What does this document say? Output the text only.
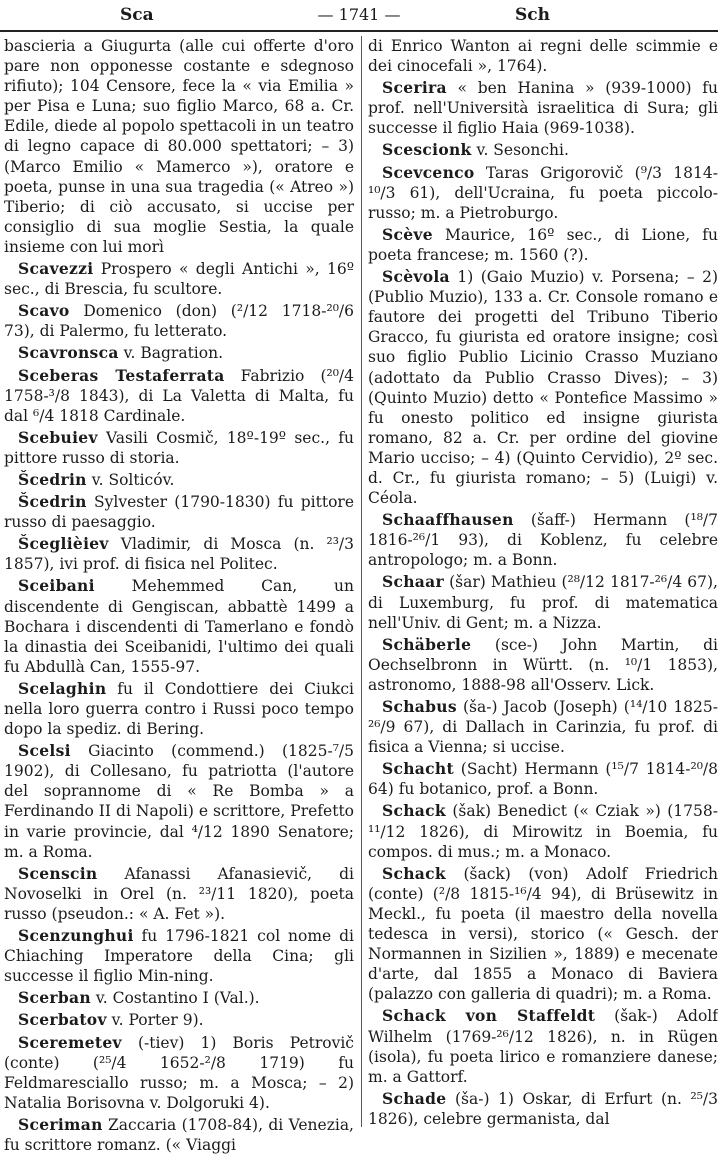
— 1741 —
Sca	Sch

bascieria a Giugurta (alle cui offerte d'oro pare non opponesse costante e sdegnoso rifiuto); 104 Censore, fece la « via Emilia » per Pisa e Luna; suo figlio Marco, 68 a. Cr. Edile, diede al popolo spettacoli in un teatro di legno capace di 80.000 spettatori; – 3) (Marco Emilio « Mamerco »), oratore e poeta, punse in una sua tragedia (« Atreo ») Tiberio; di ciò accusato, si uccise per consiglio di sua moglie Sestia, la quale insieme con lui morì

Scavezzi Prospero « degli Antichi », 16º sec., di Brescia, fu scultore.

Scavo Domenico (don) (²/12 1718-²⁰/6 73), di Palermo, fu letterato.

Scavronsca v. Bagration.

Sceberas Testaferrata Fabrizio (²⁰/4 1758-³/8 1843), di La Valetta di Malta, fu dal ⁶/4 1818 Cardinale.

Scebuiev Vasili Cosmič, 18º-19º sec., fu pittore russo di storia.

Šcedrin v. Solticóv.

Šcedrin Sylvester (1790-1830) fu pittore russo di paesaggio.

Šceglièiev Vladimir, di Mosca (n. ²³/3 1857), ivi prof. di fisica nel Politec.

Sceibani Mehemmed Can, un discendente di Gengiscan, abbattè 1499 a Bochara i discendenti di Tamerlano e fondò la dinastia dei Sceibanidi, l'ultimo dei quali fu Abdullà Can, 1555-97.

Scelaghin fu il Condottiere dei Ciukci nella loro guerra contro i Russi poco tempo dopo la spediz. di Bering.

Scelsi Giacinto (commend.) (1825-⁷/5 1902), di Collesano, fu patriotta (l'autore del soprannome di « Re Bomba » a Ferdinando II di Napoli) e scrittore, Prefetto in varie provincie, dal ⁴/12 1890 Senatore; m. a Roma.

Scenscin Afanassi Afanasievič, di Novoselki in Orel (n. ²³/11 1820), poeta russo (pseudon.: « A. Fet »).

Scenzunghui fu 1796-1821 col nome di Chiaching Imperatore della Cina; gli successe il figlio Min-ning.

Scerban v. Costantino I (Val.).

Scerbatov v. Porter 9).

Sceremetev (-tiev) 1) Boris Petrovič (conte) (²⁵/4 1652-²/8 1719) fu Feldmaresciallo russo; m. a Mosca; – 2) Natalia Borisovna v. Dolgoruki 4).

Sceriman Zaccaria (1708-84), di Venezia, fu scrittore romanz. (« Viaggi

di Enrico Wanton ai regni delle scimmie e dei cinocefali », 1764).

Scerira « ben Hanina » (939-1000) fu prof. nell'Università israelitica di Sura; gli successe il figlio Haia (969-1038).

Scescionk v. Sesonchi.

Scevcenco Taras Grigorovič (⁹/3 1814-¹⁰/3 61), dell'Ucraina, fu poeta piccolo-russo; m. a Pietroburgo.

Scève Maurice, 16º sec., di Lione, fu poeta francese; m. 1560 (?).

Scèvola 1) (Gaio Muzio) v. Porsena; – 2) (Publio Muzio), 133 a. Cr. Console romano e fautore dei progetti del Tribuno Tiberio Gracco, fu giurista ed oratore insigne; così suo figlio Publio Licinio Crasso Muziano (adottato da Publio Crasso Dives); – 3) (Quinto Muzio) detto « Pontefice Massimo » fu onesto politico ed insigne giurista romano, 82 a. Cr. per ordine del giovine Mario ucciso; – 4) (Quinto Cervidio), 2º sec. d. Cr., fu giurista romano; – 5) (Luigi) v. Céola.

Schaaffhausen (šaff-) Hermann (¹⁸/7 1816-²⁶/1 93), di Koblenz, fu celebre antropologo; m. a Bonn.

Schaar (šar) Mathieu (²⁸/12 1817-²⁶/4 67), di Luxemburg, fu prof. di matematica nell'Univ. di Gent; m. a Nizza.

Schäberle (sce-) John Martin, di Oechselbronn in Württ. (n. ¹⁰/1 1853), astronomo, 1888-98 all'Osserv. Lick.

Schabus (ša-) Jacob (Joseph) (¹⁴/10 1825-²⁶/9 67), di Dallach in Carinzia, fu prof. di fisica a Vienna; si uccise.

Schacht (Sacht) Hermann (¹⁵/7 1814-²⁰/8 64) fu botanico, prof. a Bonn.

Schack (šak) Benedict (« Cziak ») (1758-¹¹/12 1826), di Mirowitz in Boemia, fu compos. di mus.; m. a Monaco.

Schack (šack) (von) Adolf Friedrich (conte) (²/8 1815-¹⁶/4 94), di Brüsewitz in Meckl., fu poeta (il maestro della novella tedesca in versi), storico (« Gesch. der Normannen in Sizilien », 1889) e mecenate d'arte, dal 1855 a Monaco di Baviera (palazzo con galleria di quadri); m. a Roma.

Schack von Staffeldt (šak-) Adolf Wilhelm (1769-²⁶/12 1826), n. in Rügen (isola), fu poeta lirico e romanziere danese; m. a Gattorf.

Schade (ša-) 1) Oskar, di Erfurt (n. ²⁵/3 1826), celebre germanista, dal
